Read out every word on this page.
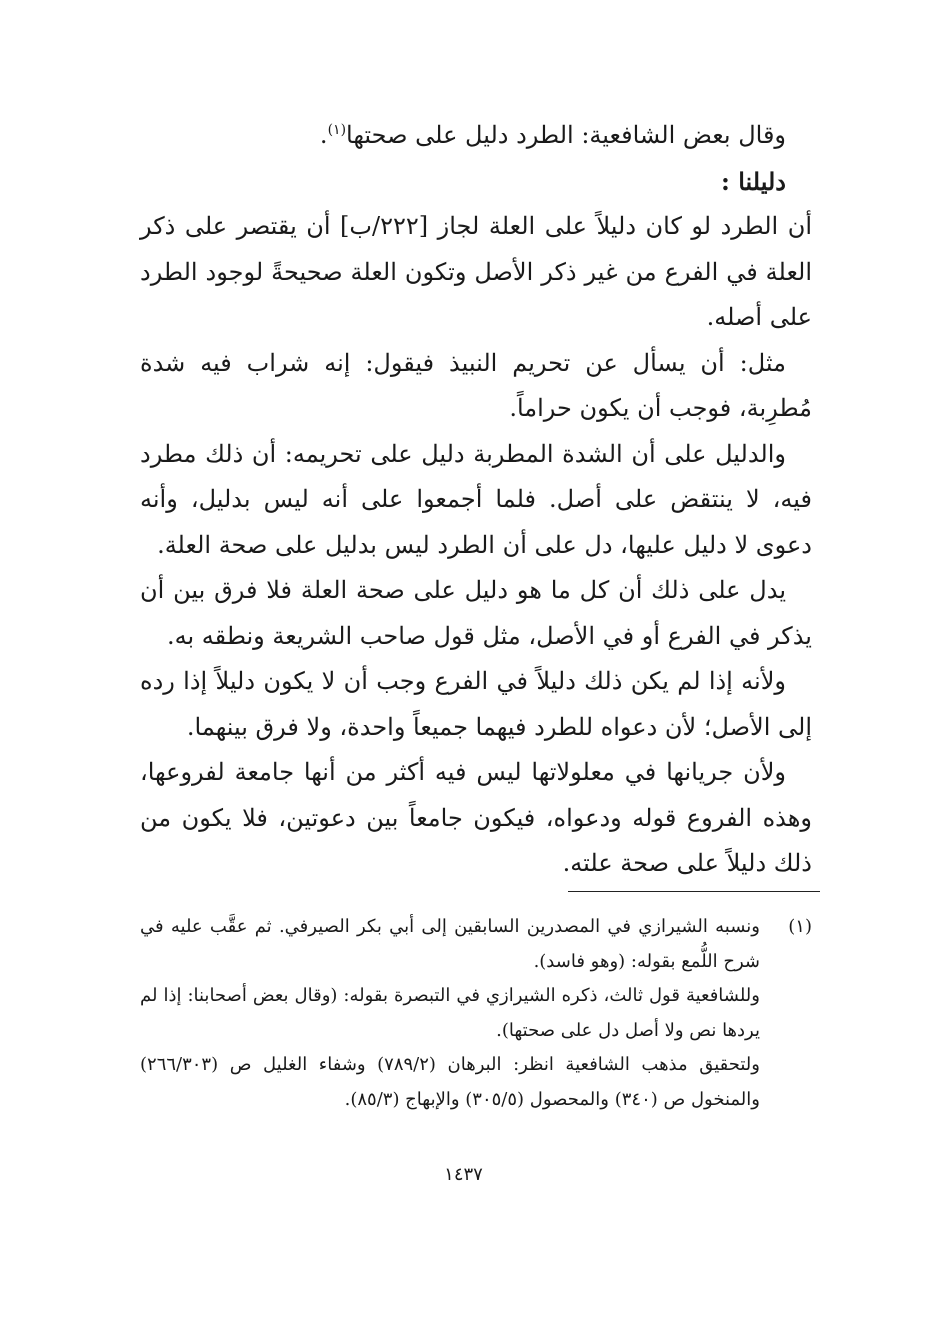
وقال بعض الشافعية: الطرد دليل على صحتها$^{(١)}$.

دليلنا :

أن الطرد لو كان دليلاً على العلة لجاز [٢٢٢/ب] أن يقتصر على ذكر العلة في الفرع من غير ذكر الأصل وتكون العلة صحيحةً لوجود الطرد على أصله.

مثل: أن يسأل عن تحريم النبيذ فيقول: إنه شراب فيه شدة مُطرِبة، فوجب أن يكون حراماً.

والدليل على أن الشدة المطربة دليل على تحريمه: أن ذلك مطرد فيه، لا ينتقض على أصل. فلما أجمعوا على أنه ليس بدليل، وأنه دعوى لا دليل عليها، دل على أن الطرد ليس بدليل على صحة العلة.

يدل على ذلك أن كل ما هو دليل على صحة العلة فلا فرق بين أن يذكر في الفرع أو في الأصل، مثل قول صاحب الشريعة ونطقه به.

ولأنه إذا لم يكن ذلك دليلاً في الفرع وجب أن لا يكون دليلاً إذا رده إلى الأصل؛ لأن دعواه للطرد فيهما جميعاً واحدة، ولا فرق بينهما.

ولأن جريانها في معلولاتها ليس فيه أكثر من أنها جامعة لفروعها، وهذه الفروع قوله ودعواه، فيكون جامعاً بين دعوتين، فلا يكون من ذلك دليلاً على صحة علته.

(١)

ونسبه الشيرازي في المصدرين السابقين إلى أبي بكر الصيرفي. ثم عقَّب عليه في شرح اللُّمع بقوله: (وهو فاسد).

وللشافعية قول ثالث، ذكره الشيرازي في التبصرة بقوله: (وقال بعض أصحابنا: إذا لم يردها نص ولا أصل دل على صحتها).

ولتحقيق مذهب الشافعية انظر: البرهان (٧٨٩/٢) وشفاء الغليل ص (٢٦٦/٣٠٣) والمنخول ص (٣٤٠) والمحصول (٣٠٥/٥) والإبهاج (٨٥/٣).

١٤٣٧
